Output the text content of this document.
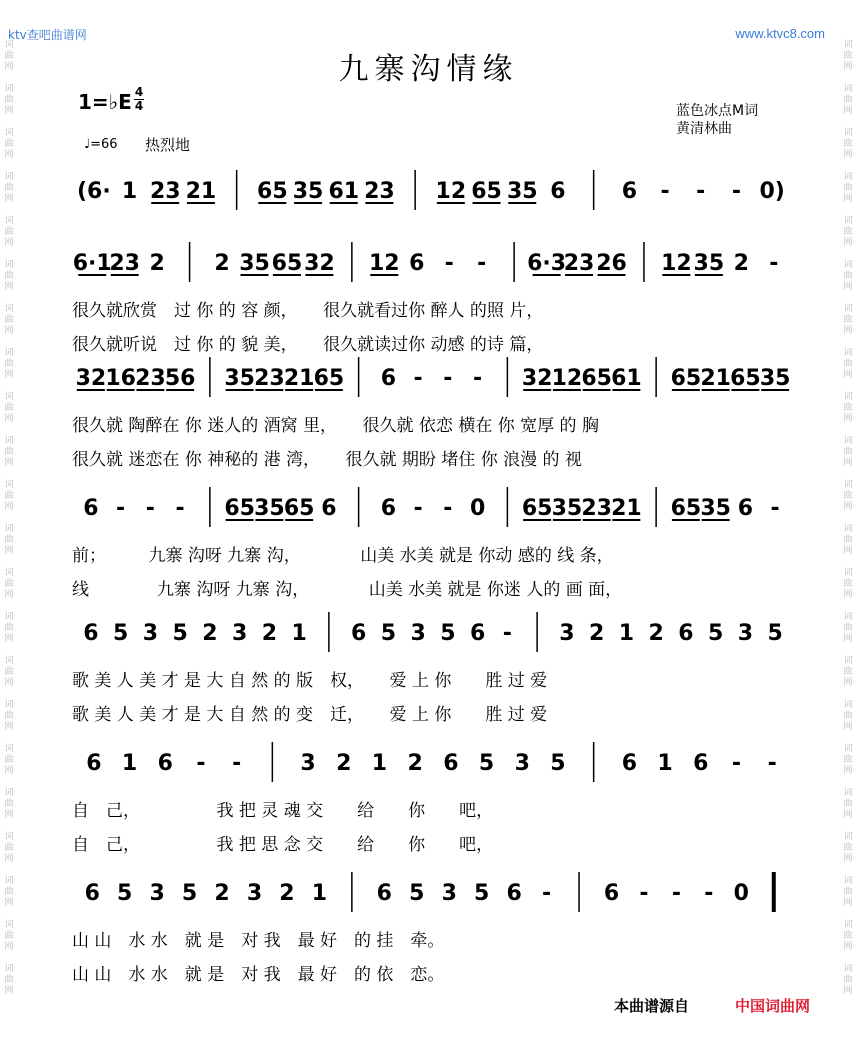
ktv查吧曲谱网	www.ktvc8.com
词
曲
网

词
曲
网

词
曲
网

词
曲
网

词
曲
网

词
曲
网

词
曲
网

词
曲
网

词
曲
网

词
曲
网

词
曲
网

词
曲
网

词
曲
网

词
曲
网

词
曲
网

词
曲
网

词
曲
网

词
曲
网

词
曲
网

词
曲
网

词
曲
网

词
曲
网

词
曲
网

词
曲
网

词
曲
网

词
曲
网

词
曲
网

词
曲
网

词
曲
网

词
曲
网

词
曲
网

词
曲
网

词
曲
网

词
曲
网

词
曲
网

词
曲
网

词
曲
网

词
曲
网

词
曲
网

词
曲
网

词
曲
网

词
曲
网

词
曲
网

词
曲
网

九寨沟情缘
1=♭E 4
4	蓝色冰点M词
黄清林曲
♩=66 热烈地
(6· 1 23 21 65 35 61 23 12 65 35 6	6 - - - 0)
6·1
23 2 2 35 65 32 12 6 - - 6·3
23 26 12 35 2 -
很久就欣赏　过 你 的 容 颜，　　很久就看过你 醉人 的照 片，
很久就听说　过 你 的 貌 美，　　很久就读过你 动感 的诗 篇，
32 16 23 56 35 23 21 65 6 - - - 32 12 65 61 65 21 65 35
很久就 陶醉在 你 迷人的 酒窝 里，　　很久就 依恋 横在 你 宽厚 的 胸
很久就 迷恋在 你 神秘的 港 湾，　　很久就 期盼 堵住 你 浪漫 的 视
6 - - - 65 35 65 6 6 - - 0 65 35 23 21 65 35 6 -
前；　　　九寨 沟呀 九寨 沟，　　　　山美 水美 就是 你动 感的 线 条，
线　　　　九寨 沟呀 九寨 沟，　　　　山美 水美 就是 你迷 人的 画 面，
6 5 3 5 2 3 2 1 6 5 3 5 6 - 3 2 1 2 6 5 3 5
歌 美 人 美 才 是 大 自 然 的 版　权，　　爱 上 你　　胜 过 爱
歌 美 人 美 才 是 大 自 然 的 变　迁，　　爱 上 你　　胜 过 爱
6 1 6 - -	3 2 1 2 6 5 3 5	6 1 6 - -
自　己，　　　　　我 把 灵 魂 交　　给　　你　　吧，
自　己，　　　　　我 把 思 念 交　　给　　你　　吧，
6 5 3 5 2 3 2 1 6 5 3 5 6 - 6 - - - 0
山 山　水 水　就 是　对 我　最 好　的 挂　牵。
山 山　水 水　就 是　对 我　最 好　的 依　恋。
本曲谱源自	中国词曲网
